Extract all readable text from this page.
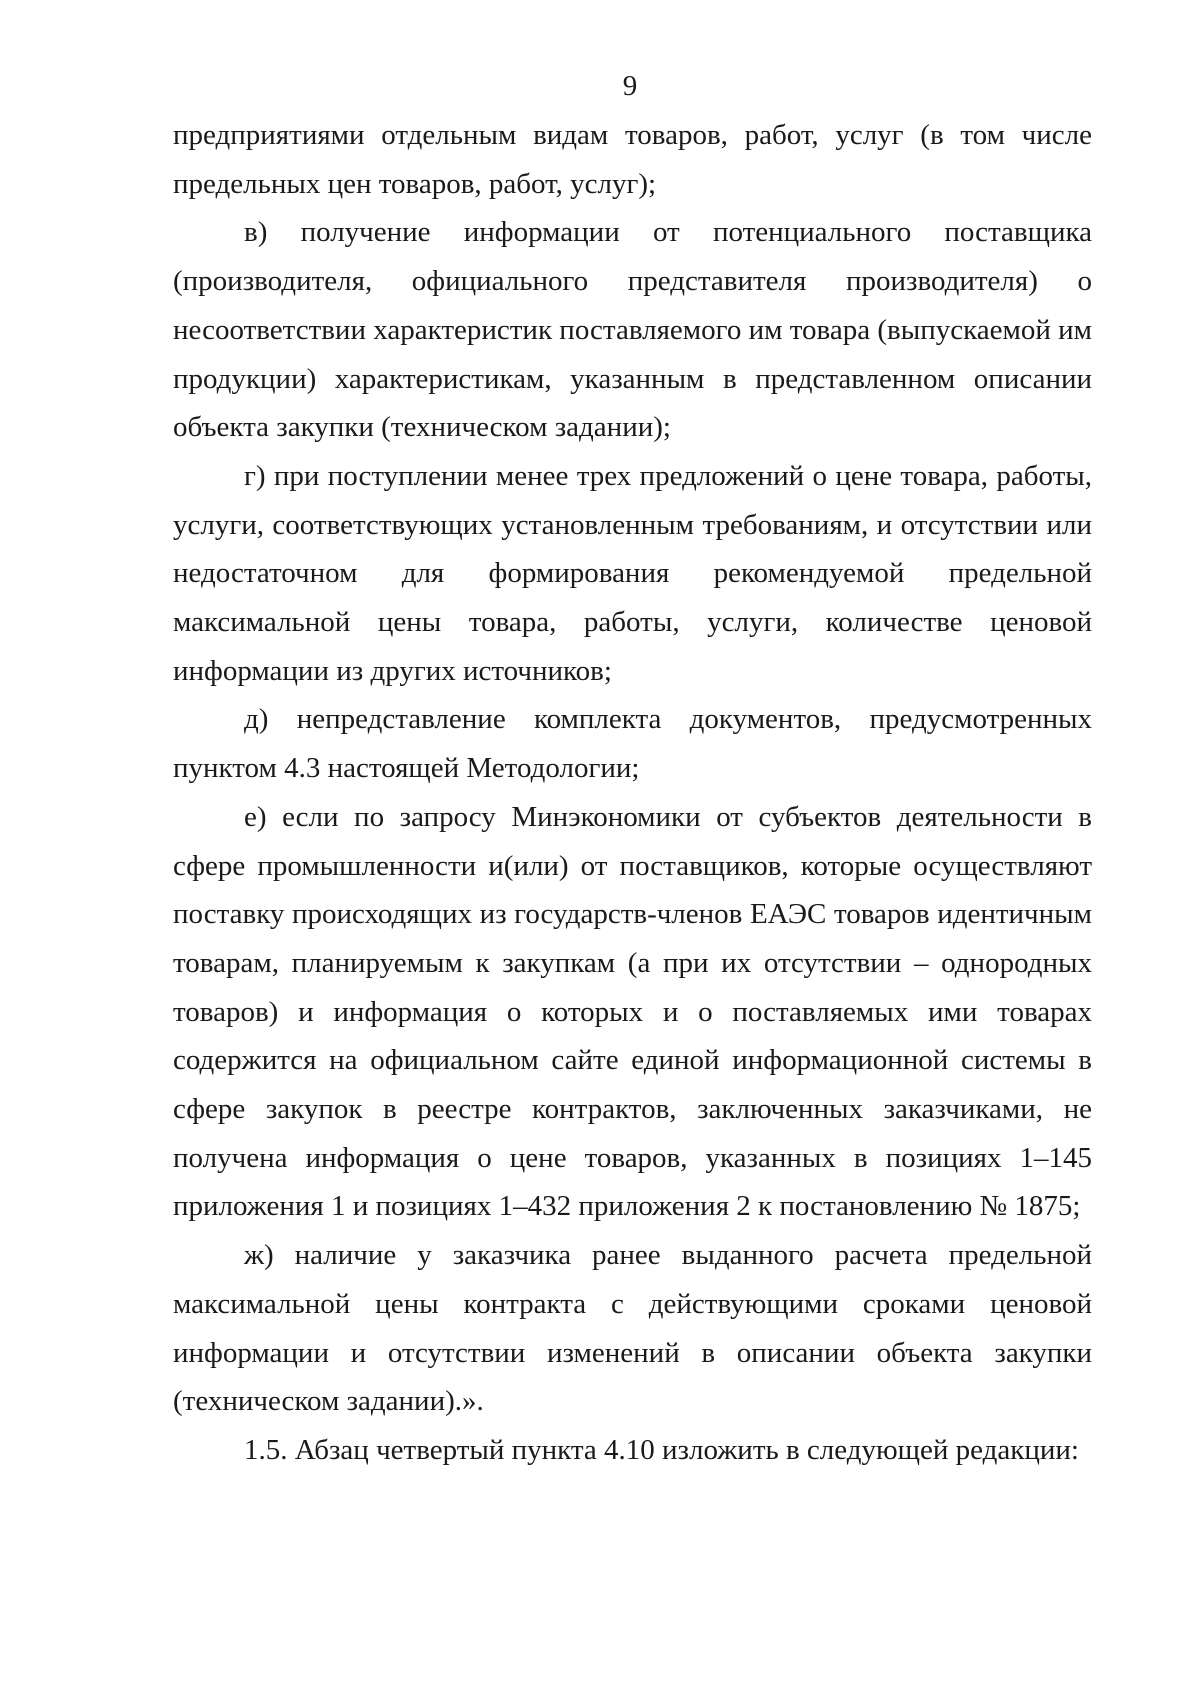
9

предприятиями отдельным видам товаров, работ, услуг (в том числе предельных цен товаров, работ, услуг);

в) получение информации от потенциального поставщика (производителя, официального представителя производителя) о несоответствии характеристик поставляемого им товара (выпускаемой им продукции) характеристикам, указанным в представленном описании объекта закупки (техническом задании);

г) при поступлении менее трех предложений о цене товара, работы, услуги, соответствующих установленным требованиям, и отсутствии или недостаточном для формирования рекомендуемой предельной максимальной цены товара, работы, услуги, количестве ценовой информации из других источников;

д) непредставление комплекта документов, предусмотренных пунктом 4.3 настоящей Методологии;

е) если по запросу Минэкономики от субъектов деятельности в сфере промышленности и(или) от поставщиков, которые осуществляют поставку происходящих из государств-членов ЕАЭС товаров идентичным товарам, планируемым к закупкам (а при их отсутствии – однородных товаров) и информация о которых и о поставляемых ими товарах содержится на официальном сайте единой информационной системы в сфере закупок в реестре контрактов, заключенных заказчиками, не получена информация о цене товаров, указанных в позициях 1–145 приложения 1 и позициях 1–432 приложения 2 к постановлению № 1875;

ж) наличие у заказчика ранее выданного расчета предельной максимальной цены контракта с действующими сроками ценовой информации и отсутствии изменений в описании объекта закупки (техническом задании).».

1.5. Абзац четвертый пункта 4.10 изложить в следующей редакции:
